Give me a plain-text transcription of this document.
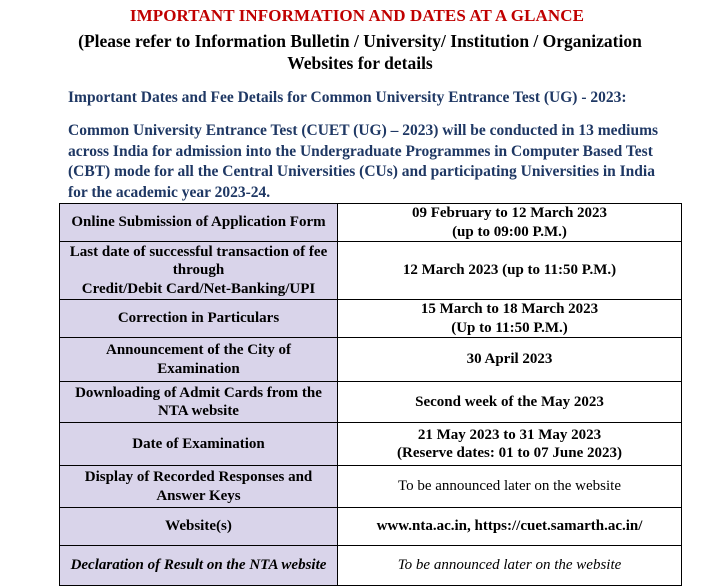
IMPORTANT INFORMATION AND DATES AT A GLANCE
(Please refer to Information Bulletin / University/ Institution / Organization
Websites for details
Important Dates and Fee Details for Common University Entrance Test (UG) - 2023:
Common University Entrance Test (CUET (UG) – 2023) will be conducted in 13 mediums across India for admission into the Undergraduate Programmes in Computer Based Test (CBT) mode for all the Central Universities (CUs) and participating Universities in India for the academic year 2023-24.
Online Submission of Application Form	09 February to 12 March 2023
(up to 09:00 P.M.)

Last date of successful transaction of fee through
Credit/Debit Card/Net-Banking/UPI	12 March 2023 (up to 11:50 P.M.)
Correction in Particulars	15 March to 18 March 2023
(Up to 11:50 P.M.)

Announcement of the City of Examination	30 April 2023
Downloading of Admit Cards from the NTA website	Second week of the May 2023
Date of Examination	21 May 2023 to 31 May 2023
(Reserve dates: 01 to 07 June 2023)

Display of Recorded Responses and Answer Keys	To be announced later on the website
Website(s)	www.nta.ac.in, https://cuet.samarth.ac.in/
Declaration of Result on the NTA website	To be announced later on the website
